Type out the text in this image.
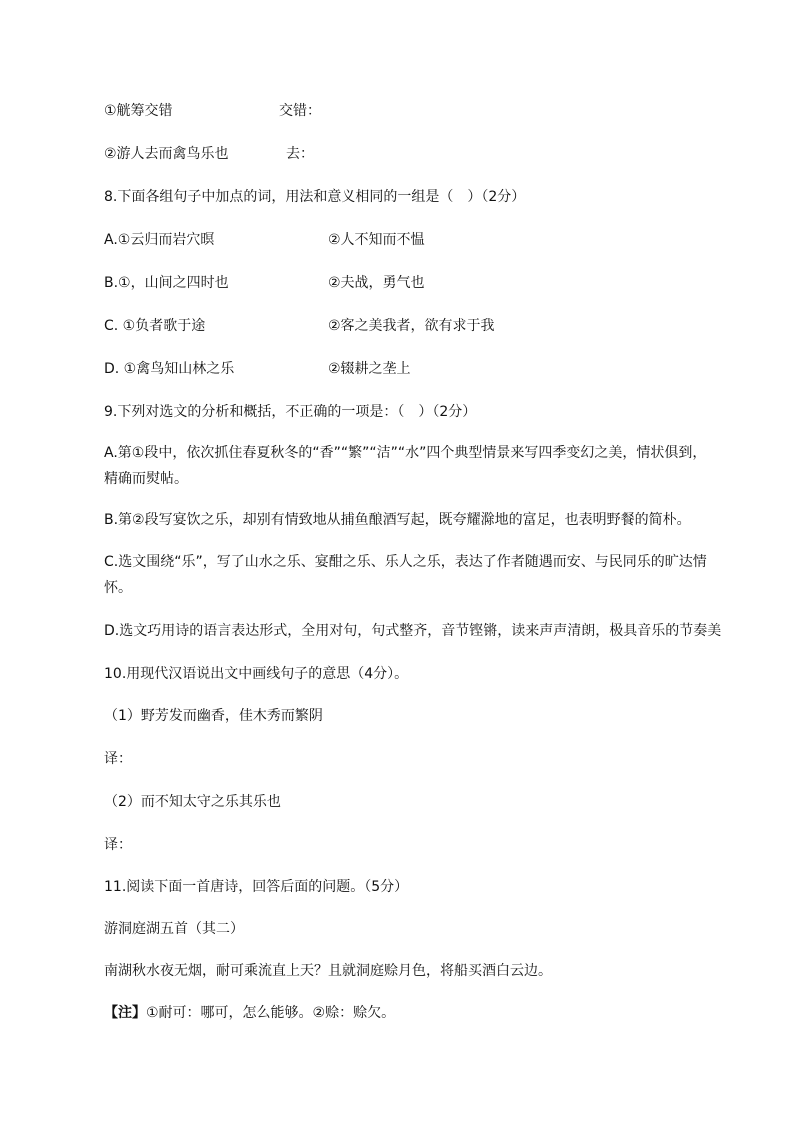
①觥筹交错	交错：
②游人去而禽鸟乐也	去：
8.下面各组句子中加点的词，用法和意义相同的一组是（　）（2分）
A.①云归而岩穴暝	②人不知而不愠
B.①，山间之四时也	②夫战，勇气也
C. ①负者歌于途	②客之美我者，欲有求于我
D. ①禽鸟知山林之乐	②辍耕之垄上
9.下列对选文的分析和概括，不正确的一项是：（　）（2分）
A.第①段中，依次抓住春夏秋冬的“香”“繁”“洁”“水”四个典型情景来写四季变幻之美，情状俱到，精确而熨帖。
B.第②段写宴饮之乐，却别有情致地从捕鱼酿酒写起，既夸耀滁地的富足，也表明野餐的简朴。
C.选文围绕“乐”，写了山水之乐、宴酣之乐、乐人之乐，表达了作者随遇而安、与民同乐的旷达情怀。
D.选文巧用诗的语言表达形式，全用对句，句式整齐，音节铿锵，读来声声清朗，极具音乐的节奏美
10.用现代汉语说出文中画线句子的意思（4分）。
（1）野芳发而幽香，佳木秀而繁阴
译：
（2）而不知太守之乐其乐也
译：
11.阅读下面一首唐诗，回答后面的问题。（5分）
游洞庭湖五首（其二）
南湖秋水夜无烟，耐可乘流直上天？且就洞庭赊月色，将船买酒白云边。
【注】①耐可：哪可，怎么能够。②赊：赊欠。
